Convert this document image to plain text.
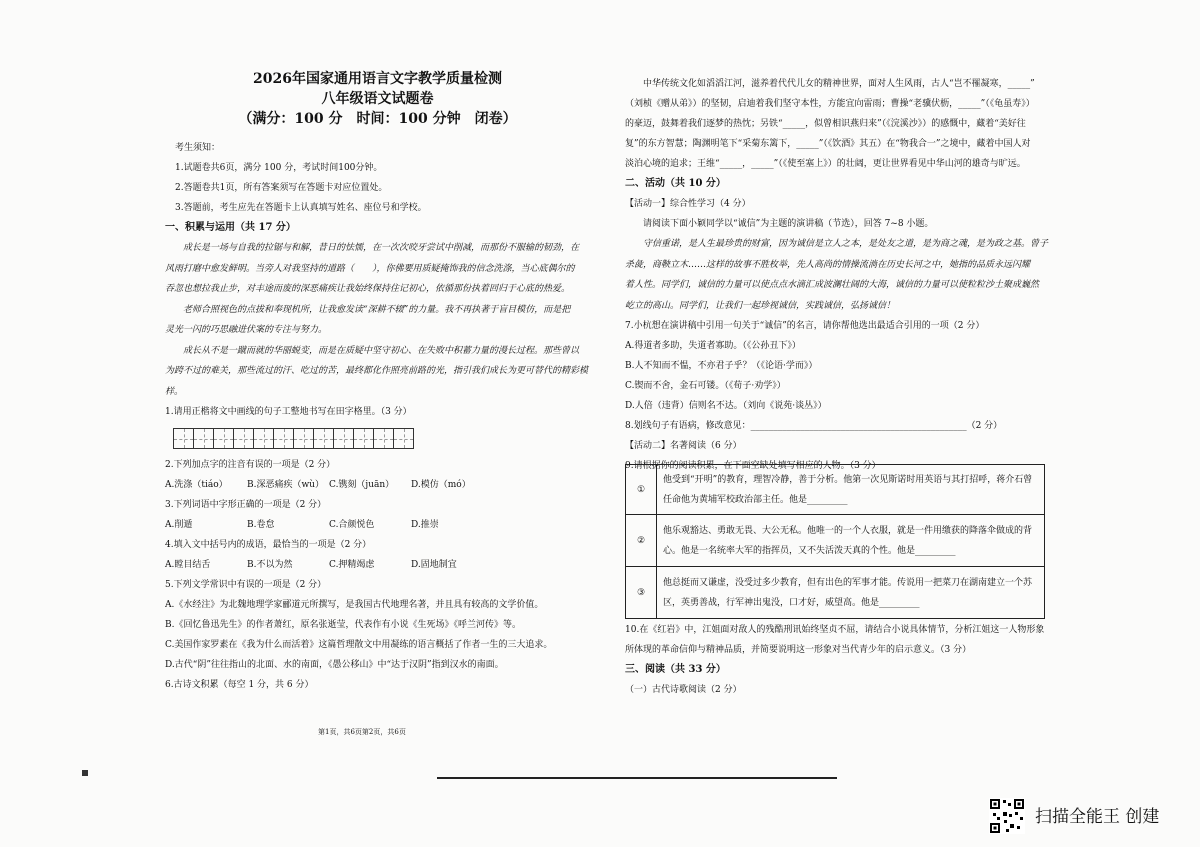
2026年国家通用语言文字教学质量检测
八年级语文试题卷
（满分：100 分　时间：100 分钟　闭卷）
考生须知：
1.试题卷共6页，满分 100 分，考试时间100分钟。
2.答题卷共1页，所有答案须写在答题卡对应位置处。
3.答题前，考生应先在答题卡上认真填写姓名、座位号和学校。
一、积累与运用（共 17 分）
成长是一场与自我的拉锯与和解，昔日的怯懦，在一次次咬牙尝试中削减，而那份不服输的韧劲，在
风雨打磨中愈发鲜明。当旁人对我坚持的道路（　　），你佛要用质疑掩饰我的信念洗涤，当心底偶尔的
吞忽也想拉我止步，对丰途而废的深恶痛疾让我始终保持住记初心，依循那份执着回归于心底的热爱。
老师合照视色的点拔和奉现机所，让我愈发读“深耕不辍”的力量。我不再执著于盲目模仿，而是把
灵光一闪的巧思融进伏案的专注与努力。
成长从不是一蹴而就的华丽蜕变，而是在质疑中坚守初心、在失败中积蓄力量的漫长过程。那些曾以
为跨不过的难关，那些流过的汗、吃过的苦，最终都化作照亮前路的光，指引我们成长为更可替代的精彩模
样。
1.请用正楷将文中画线的句子工整地书写在田字格里。（3 分）
2.下列加点字的注音有误的一项是（2 分）
A.洗涤（tiáo）	B.深恶痛疾（wù） C.镌刻（juān）	D.模仿（mó）
3.下列词语中字形正确的一项是（2 分）
A.削遁	B.卷怠	C.合颜悦色	D.推崇
4.填入文中括号内的成语，最恰当的一项是（2 分）
A.瞠目结舌	B.不以为然	C.押精竭虑	D.固地制宜
5.下列文学常识中有误的一项是（2 分）
A.《水经注》为北魏地理学家郦道元所撰写，是我国古代地理名著，并且具有较高的文学价值。
B.《回忆鲁迅先生》的作者萧红，原名张逝莹，代表作有小说《生死场》《呼兰河传》等。
C.美国作家罗素在《我为什么而活着》这篇哲理散文中用凝练的语言概括了作者一生的三大追求。
D.古代“阴”往往指山的北面、水的南面，《愚公移山》中“达于汉阴”指到汉水的南面。
6.古诗文积累（每空 1 分，共 6 分）
第1页，共6页第2页，共6页
中华传统文化如滔滔江河，滋养着代代儿女的精神世界，面对人生风雨，古人“岂不罹凝寒，_____”
（刘桢《赠从弟》）的坚韧，启迪着我们坚守本性，方能宜向雷雨；曹操“老骥伏枥，_____”（《龟虽寿》）
的豪迈，鼓舞着我们逐梦的热忱；另铁“_____，似曾相识燕归来”（《浣溪沙》）的感慨中，藏着“美好往
复”的东方智慧；陶渊明笔下“采菊东篱下，_____”（《饮酒》其五）在“物我合一”之境中，藏着中国人对
淡泊心境的追求；王维“_____，_____”（《使至塞上》）的壮阔，更让世界看见中华山河的雄奇与旷远。
二、活动（共 10 分）
【活动一】综合性学习（4 分）
请阅读下面小颖同学以“诚信”为主题的演讲稿（节选），回答 7~8 小题。
守信重诺，是人生最珍贵的财富，因为诚信是立人之本，是处友之道，是为商之魂，是为政之基。曾子
杀彘，商鞅立木……这样的故事不胜枚举，先人高尚的情操流淌在历史长河之中，她指的品质永远闪耀
着人性。同学们，诚信的力量可以使点点水滴汇成波澜壮阔的大海，诚信的力量可以使粒粒沙土聚成巍然
屹立的高山。同学们，让我们一起珍视诚信，实践诚信，弘扬诚信！
7.小杭想在演讲稿中引用一句关于“诚信”的名言，请你帮他选出最适合引用的一项（2 分）
A.得道者多助，失道者寡助。（《公孙丑下》）
B.人不知而不愠，不亦君子乎？（《论语·学而》）
C.锲而不舍，金石可镂。（《荀子·劝学》）
D.人倍（违背）信则名不达。（刘向《说苑·谈丛》）
8.划线句子有语病，修改意见：________________________________________________（2 分）
【活动二】名著阅读（6 分）
9.请根据你的阅读积累，在下面空缺处填写相应的人物。（3 分）
①	他受到“开明”的教育，理智冷静，善于分析。他第一次见斯诺时用英语与其打招呼，蒋介石曾任命他为黄埔军校政治部主任。他是_________
②	他乐观豁达、勇敢无畏、大公无私。他唯一的一个人衣服，就是一件用缴获的降落伞做成的背心。他是一名统率大军的指挥员，又不失活泼天真的个性。他是_________
③	他总挺而又谦虚，没受过多少教育，但有出色的军事才能。传说用一把菜刀在湖南建立一个苏区，英勇善战，行军神出鬼没，口才好，威望高。他是_________
10.在《红岩》中，江姐面对敌人的残酷刑讯始终坚贞不屈，请结合小说具体情节，分析江姐这一人物形象
所体现的革命信仰与精神品质，并简要说明这一形象对当代青少年的启示意义。（3 分）
三、阅读（共 33 分）
（一）古代诗歌阅读（2 分）
扫描全能王 创建
